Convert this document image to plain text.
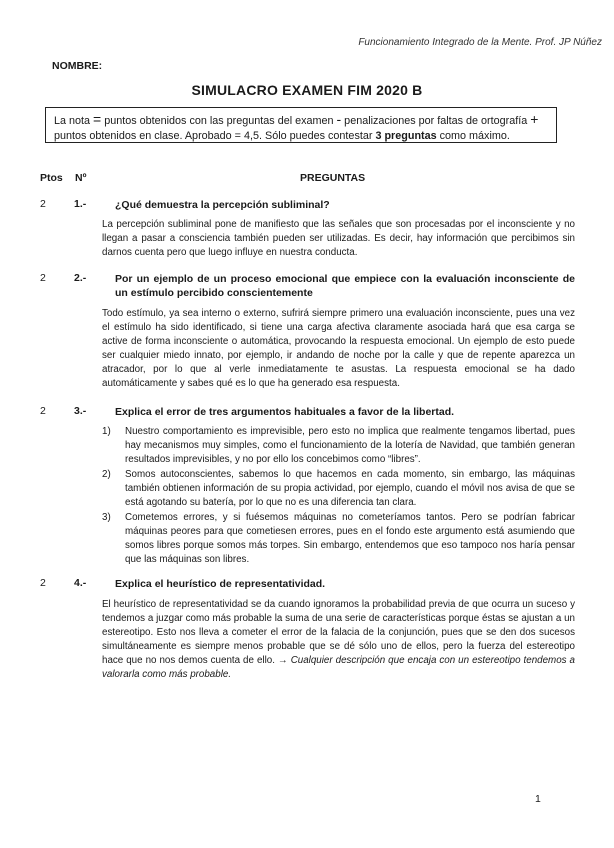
Funcionamiento Integrado de la Mente. Prof. JP Núñez
NOMBRE:
SIMULACRO EXAMEN FIM 2020 B
La nota = puntos obtenidos con las preguntas del examen - penalizaciones por faltas de ortografía + puntos obtenidos en clase. Aprobado = 4,5. Sólo puedes contestar 3 preguntas como máximo.
Ptos Nº	PREGUNTAS
2	1.-	¿Qué demuestra la percepción subliminal?

La percepción subliminal pone de manifiesto que las señales que son procesadas por el inconsciente y no llegan a pasar a consciencia también pueden ser utilizadas. Es decir, hay información que percibimos sin darnos cuenta pero que luego influye en nuestra conducta.

2	2.-	Por un ejemplo de un proceso emocional que empiece con la evaluación inconsciente de un estímulo percibido conscientemente

Todo estímulo, ya sea interno o externo, sufrirá siempre primero una evaluación inconsciente, pues una vez el estímulo ha sido identificado, si tiene una carga afectiva claramente asociada hará que esa carga se active de forma inconsciente o automática, provocando la respuesta emocional. Un ejemplo de esto puede ser cualquier miedo innato, por ejemplo, ir andando de noche por la calle y que de repente aparezca un atracador, por lo que al verle inmediatamente te asustas. La respuesta emocional se ha dado automáticamente y sabes qué es lo que ha generado esa respuesta.

2	3.-	Explica el error de tres argumentos habituales a favor de la libertad.
1) Nuestro comportamiento es imprevisible, pero esto no implica que realmente tengamos libertad, pues hay mecanismos muy simples, como el funcionamiento de la lotería de Navidad, que también generan resultados imprevisibles, y no por ello los concebimos como “libres”.
2) Somos autoconscientes, sabemos lo que hacemos en cada momento, sin embargo, las máquinas también obtienen información de su propia actividad, por ejemplo, cuando el móvil nos avisa de que se está agotando su batería, por lo que no es una diferencia tan clara.
3) Cometemos errores, y si fuésemos máquinas no cometeríamos tantos. Pero se podrían fabricar máquinas peores para que cometiesen errores, pues en el fondo este argumento está asumiendo que somos libres porque somos más torpes. Sin embargo, entendemos que eso tampoco nos haría pensar que las máquinas son libres.
2	4.-	Explica el heurístico de representatividad.

El heurístico de representatividad se da cuando ignoramos la probabilidad previa de que ocurra un suceso y tendemos a juzgar como más probable la suma de una serie de características porque éstas se ajustan a un estereotipo. Esto nos lleva a cometer el error de la falacia de la conjunción, pues que se den dos sucesos simultáneamente es siempre menos probable que se dé sólo uno de ellos, pero la fuerza del estereotipo hace que no nos demos cuenta de ello. → Cualquier descripción que encaja con un estereotipo tendemos a valorarla como más probable.

1
